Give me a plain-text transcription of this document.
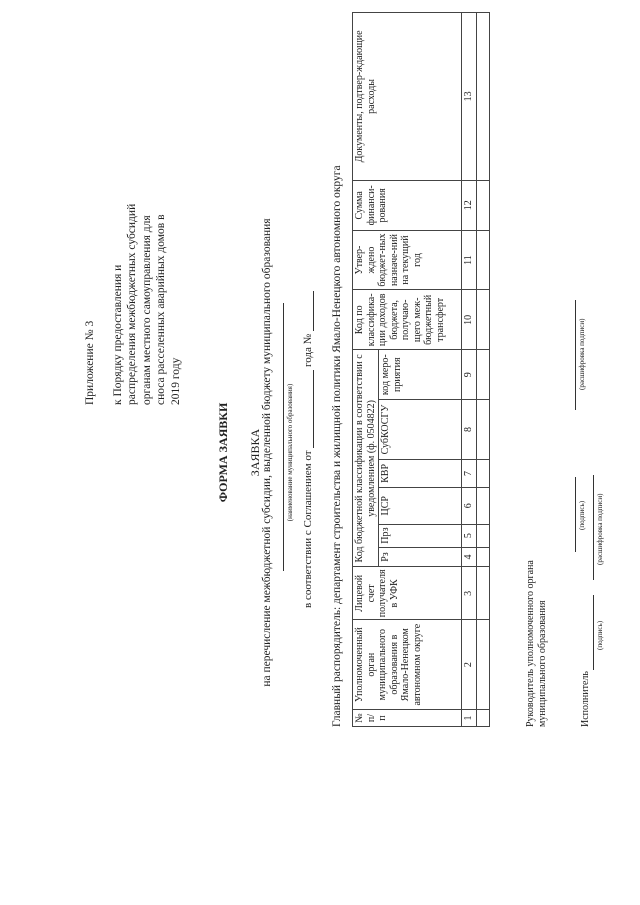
Приложение № 3 к Порядку предоставления и распределения межбюджетных субсидий органам местного самоуправления для сноса расселенных аварийных домов в 2019 году
ФОРМА ЗАЯВКИ ЗАЯВКА на перечисление межбюджетной субсидии, выделенной бюджету муниципального образования (наименование муниципального образования) в соответствии с Соглашением от  года № Главный распорядитель: департамент строительства и жилищной политики Ямало-Ненецкого автономного округа № п/п	Уполномоченный орган муниципального образования в Ямало-Ненецком автономном округе	Лицевой счет получателя в УФК	Код бюджетной классификации в соответствии с уведомлением (ф. 0504822)						Код по классифика-ции доходов бюджета, получаю-щего меж-бюджетный трансферт	Утвер-ждено бюджет-ных назначе-ний на текущий год	Сумма финанси-рования	Документы, подтвер-ждающие расходы
			Рз	Прз	ЦСР	КВР	СубКОСГУ	код меро-приятия				
1	2	3	4	5	6	7	8	9	10	11	12	13

Руководитель уполномоченного органа муниципального образования
(подпись)
(расшифровка подписи)
Исполнитель
(подпись)
(расшифровка подписи)
